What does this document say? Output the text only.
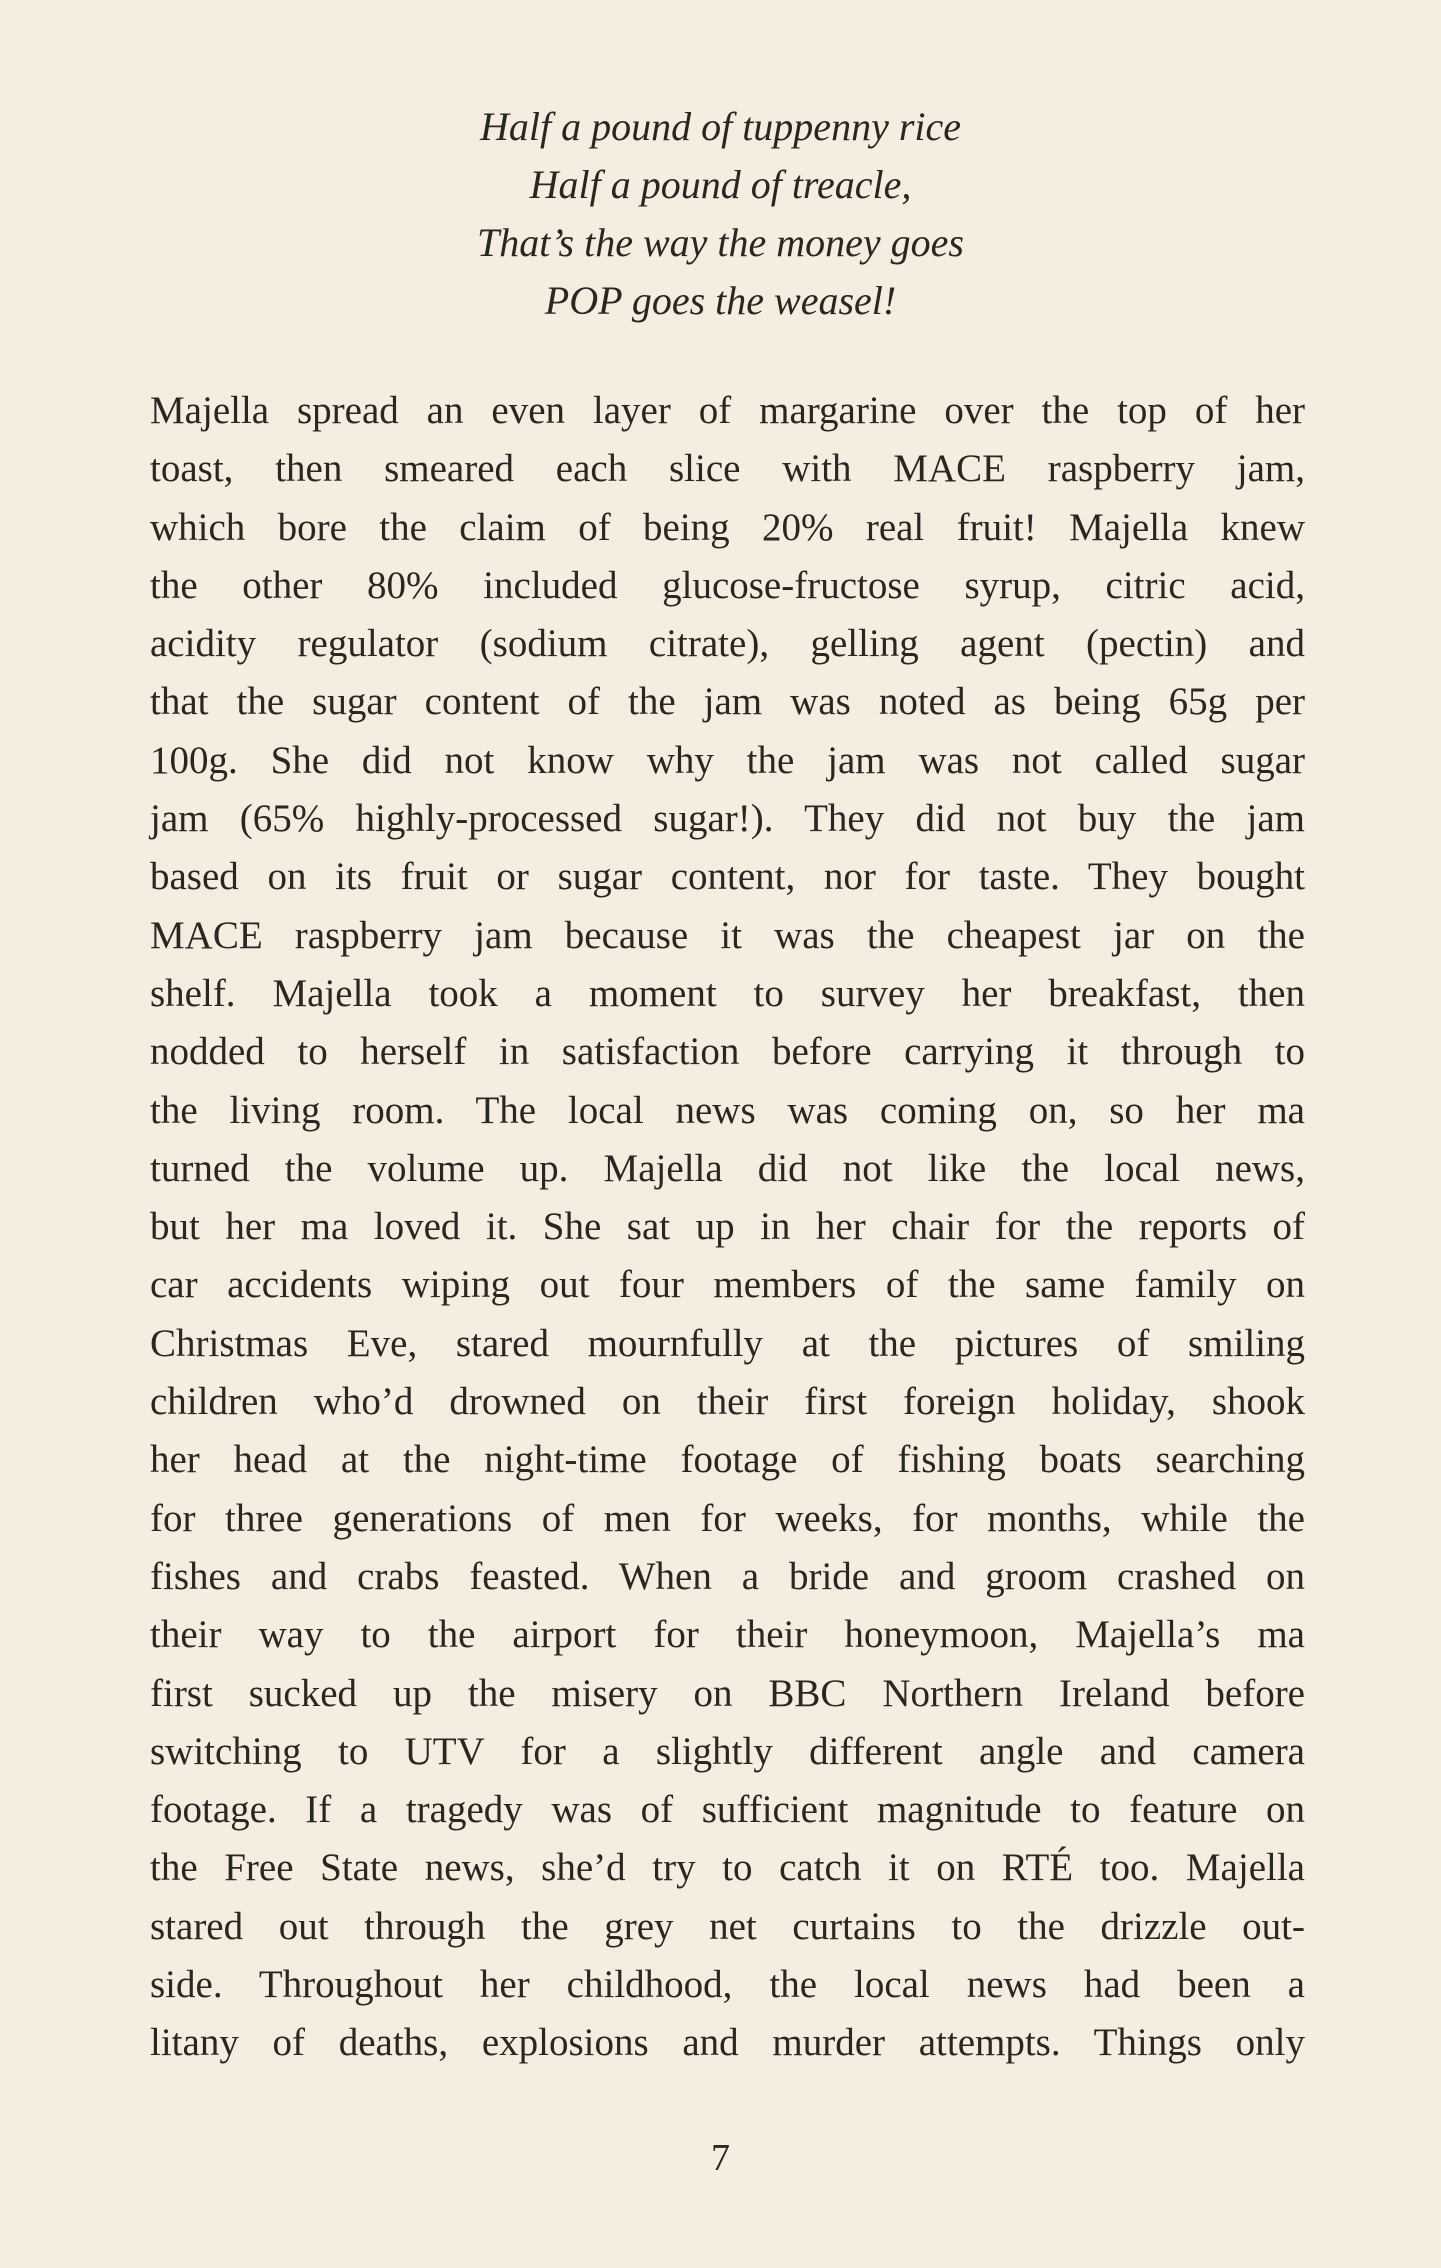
Half a pound of tuppenny rice
Half a pound of treacle,
That’s the way the money goes
POP goes the weasel!
Majella spread an even layer of margarine over the top of her
toast, then smeared each slice with MACE raspberry jam,
which bore the claim of being 20% real fruit! Majella knew
the other 80% included glucose-fructose syrup, citric acid,
acidity regulator (sodium citrate), gelling agent (pectin) and
that the sugar content of the jam was noted as being 65g per
100g. She did not know why the jam was not called sugar
jam (65% highly-processed sugar!). They did not buy the jam
based on its fruit or sugar content, nor for taste. They bought
MACE raspberry jam because it was the cheapest jar on the
shelf. Majella took a moment to survey her breakfast, then
nodded to herself in satisfaction before carrying it through to
the living room. The local news was coming on, so her ma
turned the volume up. Majella did not like the local news,
but her ma loved it. She sat up in her chair for the reports of
car accidents wiping out four members of the same family on
Christmas Eve, stared mournfully at the pictures of smiling
children who’d drowned on their first foreign holiday, shook
her head at the night-time footage of fishing boats searching
for three generations of men for weeks, for months, while the
fishes and crabs feasted. When a bride and groom crashed on
their way to the airport for their honeymoon, Majella’s ma
first sucked up the misery on BBC Northern Ireland before
switching to UTV for a slightly different angle and camera
footage. If a tragedy was of sufficient magnitude to feature on
the Free State news, she’d try to catch it on RTÉ too. Majella
stared out through the grey net curtains to the drizzle out-
side. Throughout her childhood, the local news had been a
litany of deaths, explosions and murder attempts. Things only
7
